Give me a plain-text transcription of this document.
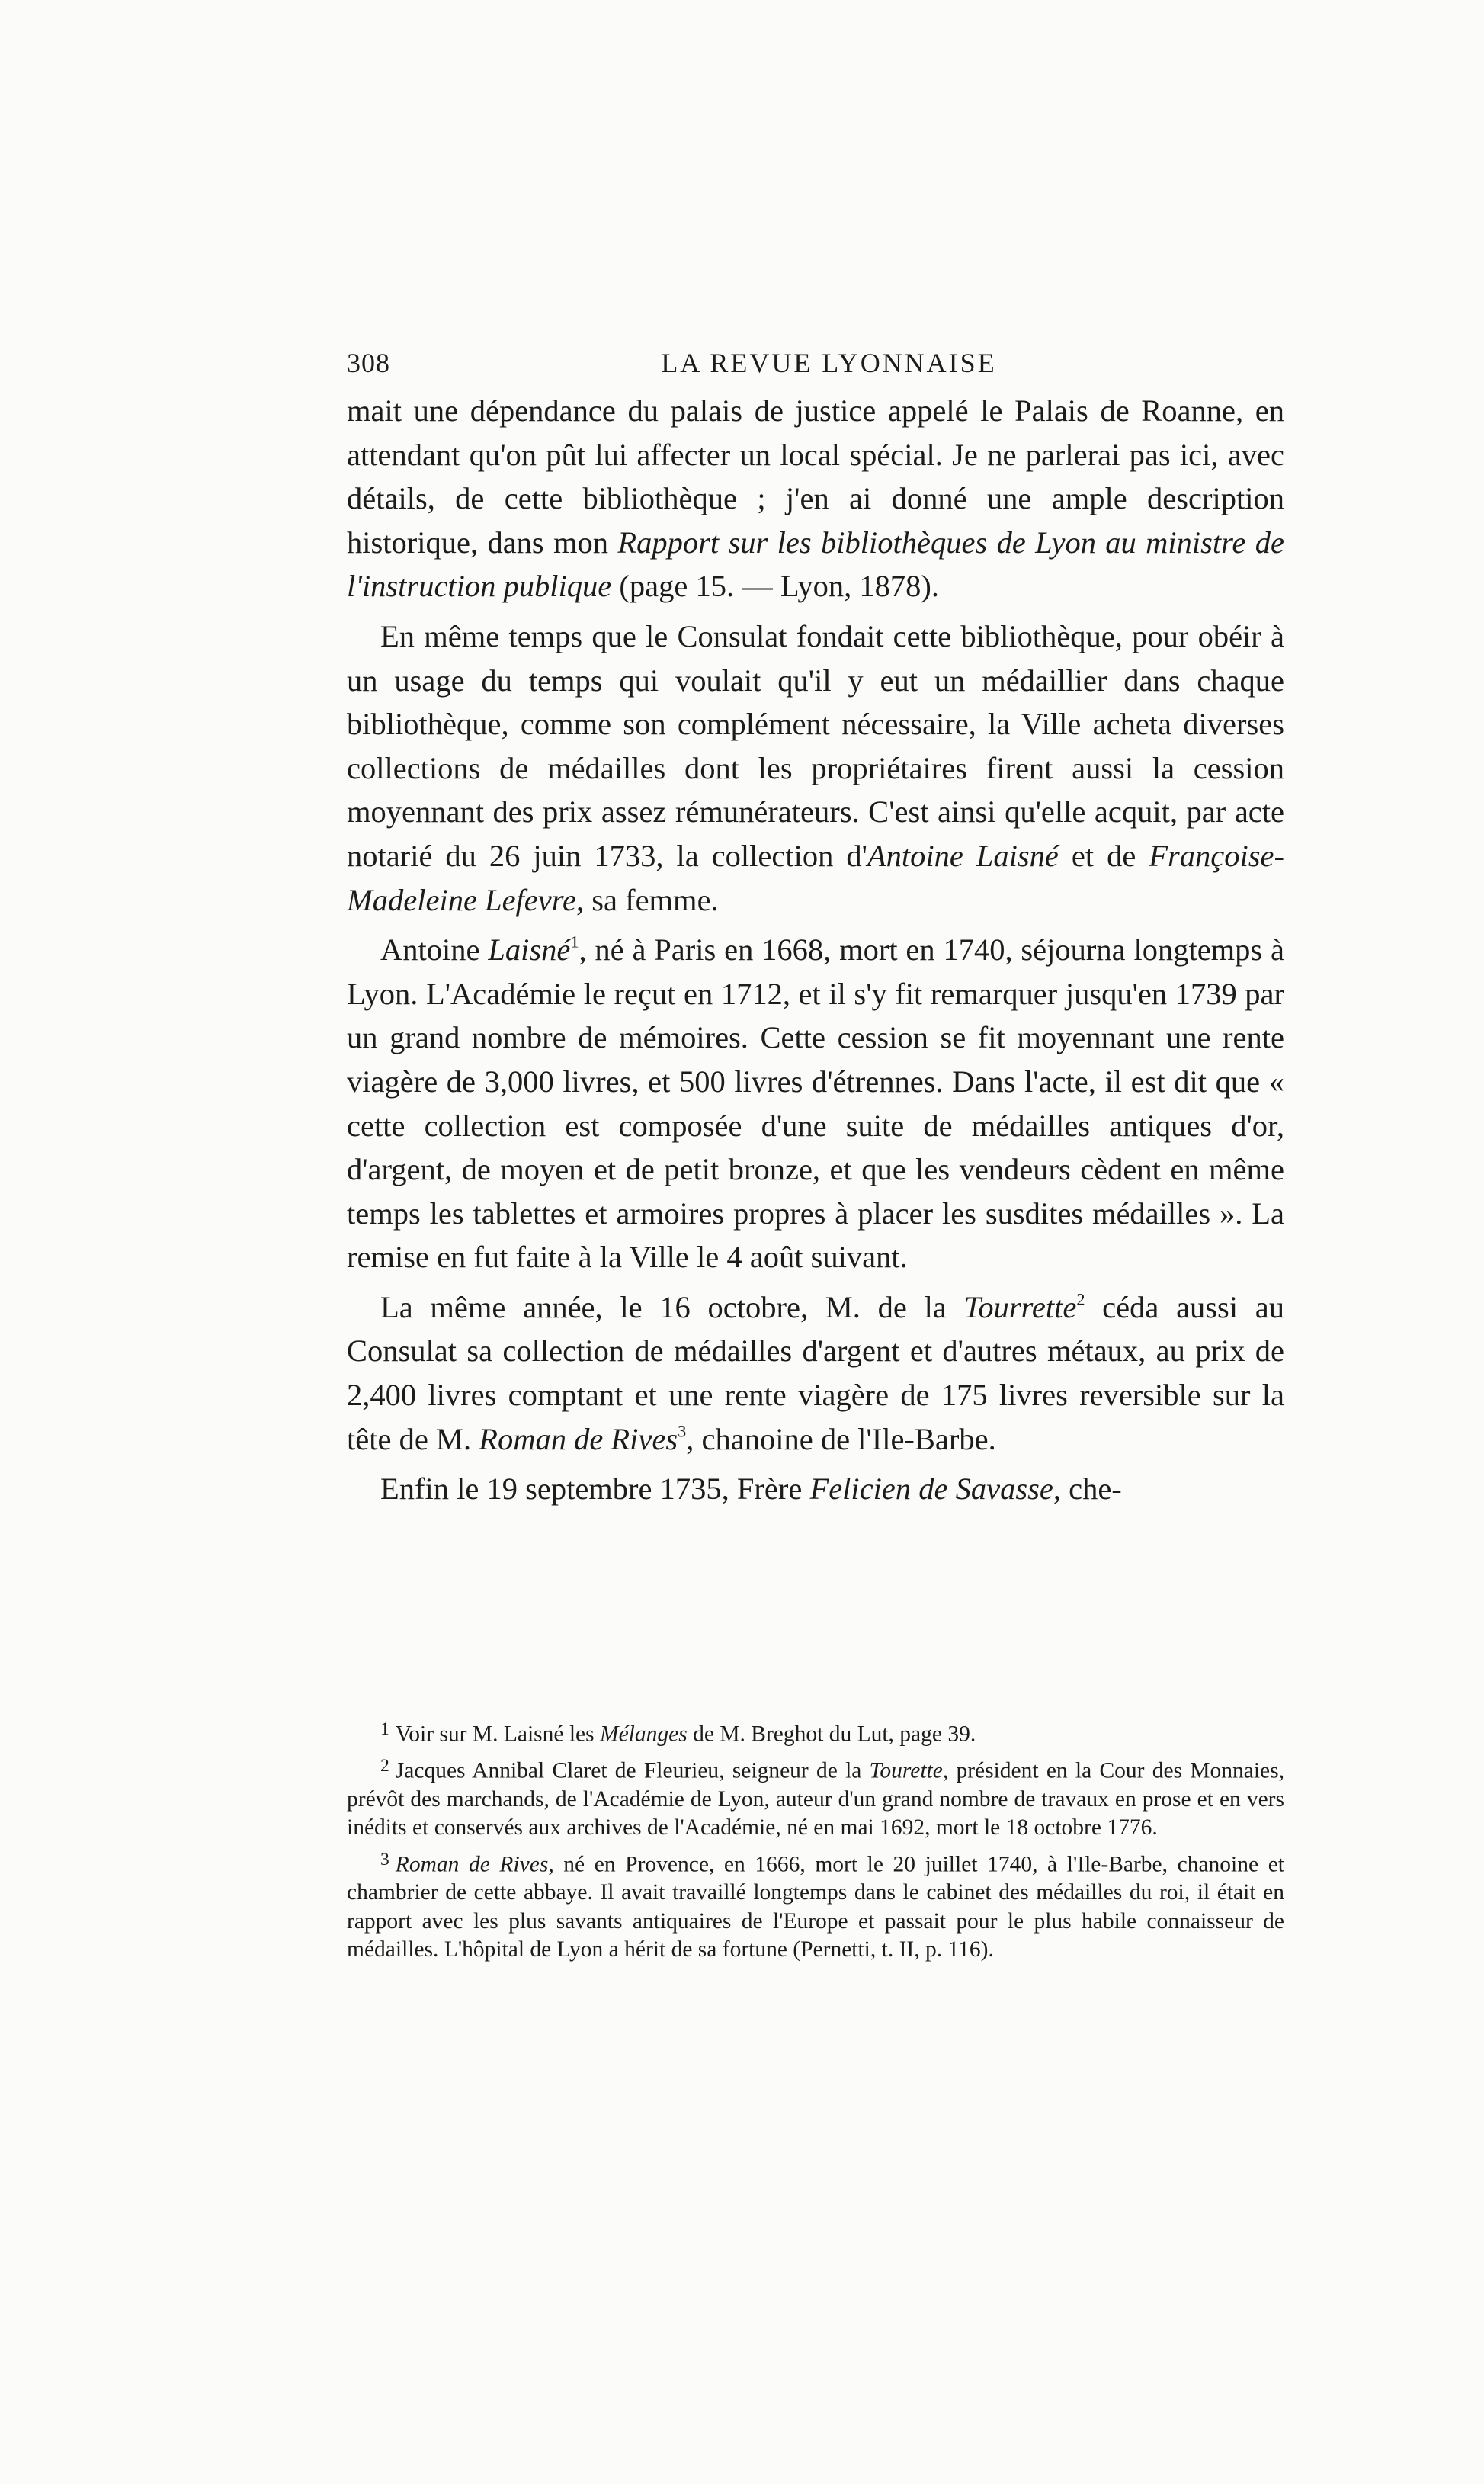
308	LA REVUE LYONNAISE

mait une dépendance du palais de justice appelé le Palais de Roanne, en attendant qu'on pût lui affecter un local spécial. Je ne parlerai pas ici, avec détails, de cette bibliothèque ; j'en ai donné une ample description historique, dans mon Rapport sur les bibliothèques de Lyon au ministre de l'instruction publique (page 15. — Lyon, 1878).

En même temps que le Consulat fondait cette bibliothèque, pour obéir à un usage du temps qui voulait qu'il y eut un médaillier dans chaque bibliothèque, comme son complément nécessaire, la Ville acheta diverses collections de médailles dont les propriétaires firent aussi la cession moyennant des prix assez rémunérateurs. C'est ainsi qu'elle acquit, par acte notarié du 26 juin 1733, la collection d'Antoine Laisné et de Françoise-Madeleine Lefevre, sa femme.

Antoine Laisné$^1$, né à Paris en 1668, mort en 1740, séjourna longtemps à Lyon. L'Académie le reçut en 1712, et il s'y fit remarquer jusqu'en 1739 par un grand nombre de mémoires. Cette cession se fit moyennant une rente viagère de 3,000 livres, et 500 livres d'étrennes. Dans l'acte, il est dit que « cette collection est composée d'une suite de médailles antiques d'or, d'argent, de moyen et de petit bronze, et que les vendeurs cèdent en même temps les tablettes et armoires propres à placer les susdites médailles ». La remise en fut faite à la Ville le 4 août suivant.

La même année, le 16 octobre, M. de la Tourrette$^2$ céda aussi au Consulat sa collection de médailles d'argent et d'autres métaux, au prix de 2,400 livres comptant et une rente viagère de 175 livres reversible sur la tête de M. Roman de Rives$^3$, chanoine de l'Ile-Barbe.

Enfin le 19 septembre 1735, Frère Felicien de Savasse, che-

$^1$ Voir sur M. Laisné les Mélanges de M. Breghot du Lut, page 39.

$^2$ Jacques Annibal Claret de Fleurieu, seigneur de la Tourette, président en la Cour des Monnaies, prévôt des marchands, de l'Académie de Lyon, auteur d'un grand nombre de travaux en prose et en vers inédits et conservés aux archives de l'Académie, né en mai 1692, mort le 18 octobre 1776.

$^3$ Roman de Rives, né en Provence, en 1666, mort le 20 juillet 1740, à l'Ile-Barbe, chanoine et chambrier de cette abbaye. Il avait travaillé longtemps dans le cabinet des médailles du roi, il était en rapport avec les plus savants antiquaires de l'Europe et passait pour le plus habile connaisseur de médailles. L'hôpital de Lyon a hérit de sa fortune (Pernetti, t. II, p. 116).
